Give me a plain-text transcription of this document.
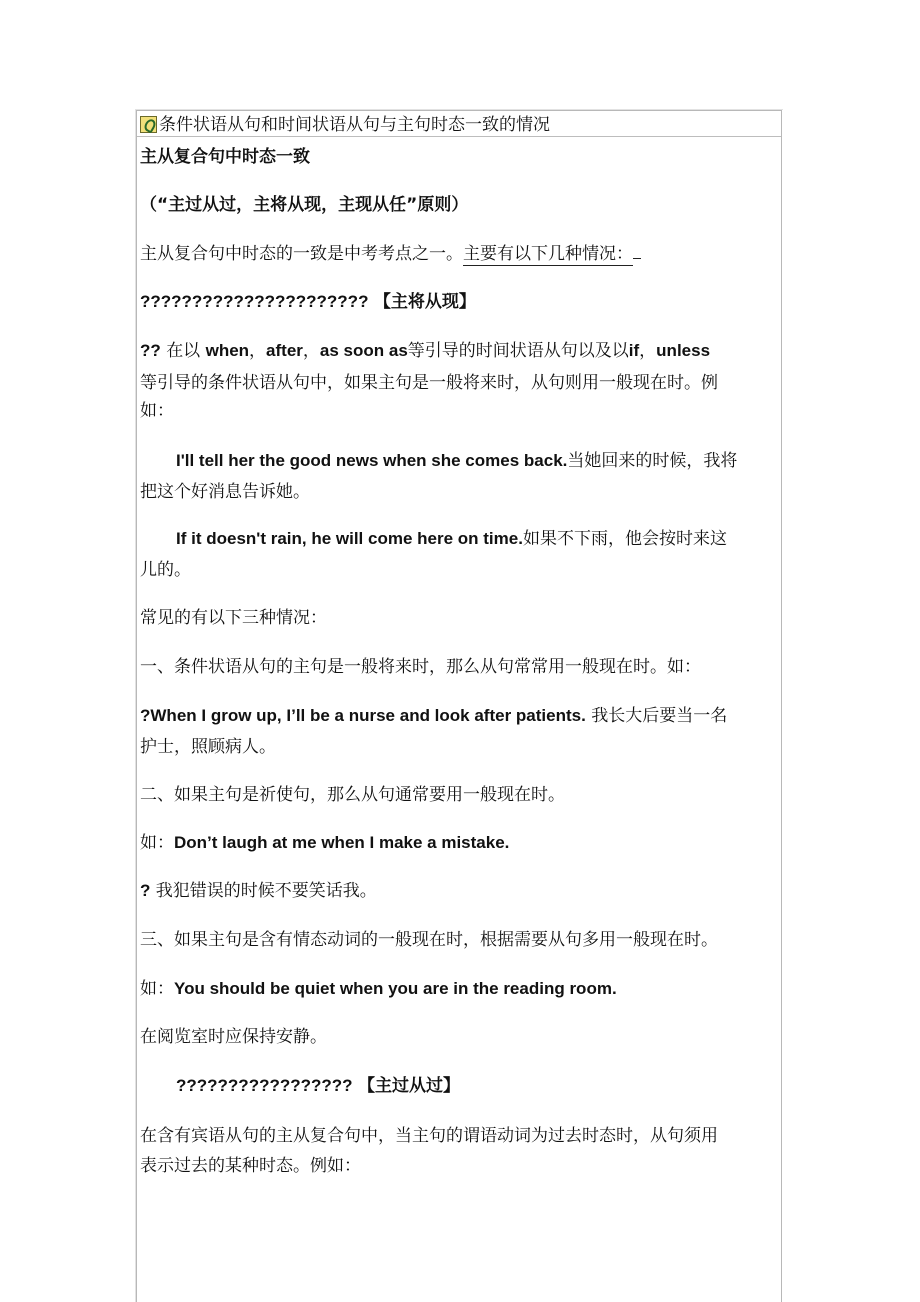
条件状语从句和时间状语从句与主句时态一致的情况
主从复合句中时态一致
（“主过从过，主将从现，主现从任”原则）
主从复合句中时态的一致是中考考点之一。主要有以下几种情况：
?????????????????????? 【主将从现】
?? 在以 when，after，as soon as等引导的时间状语从句以及以if，unless
等引导的条件状语从句中，如果主句是一般将来时，从句则用一般现在时。例
如：
I'll tell her the good news when she comes back.当她回来的时候，我将
把这个好消息告诉她。
If it doesn't rain, he will come here on time.如果不下雨，他会按时来这
儿的。
常见的有以下三种情况：
一、条件状语从句的主句是一般将来时，那么从句常常用一般现在时。如：
?When I grow up, I’ll be a nurse and look after patients. 我长大后要当一名
护士，照顾病人。
二、如果主句是祈使句，那么从句通常要用一般现在时。
如：Don’t laugh at me when I make a mistake.
? 我犯错误的时候不要笑话我。
三、如果主句是含有情态动词的一般现在时，根据需要从句多用一般现在时。
如：You should be quiet when you are in the reading room.
在阅览室时应保持安静。
????????????????? 【主过从过】
在含有宾语从句的主从复合句中，当主句的谓语动词为过去时态时，从句须用
表示过去的某种时态。例如：
